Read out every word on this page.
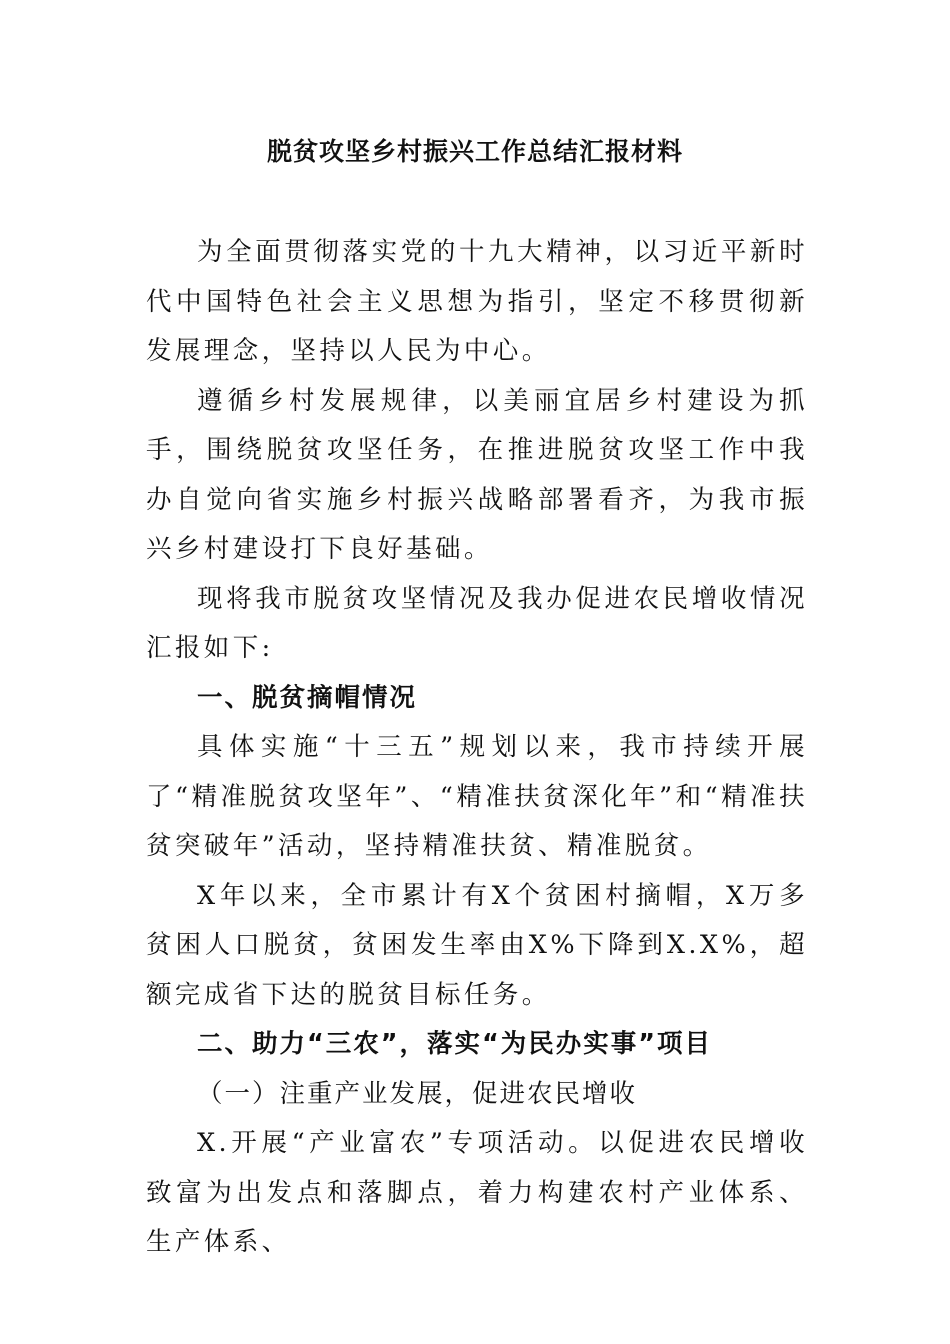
脱贫攻坚乡村振兴工作总结汇报材料

为全面贯彻落实党的十九大精神，以习近平新时代中国特色社会主义思想为指引，坚定不移贯彻新发展理念，坚持以人民为中心。

遵循乡村发展规律，以美丽宜居乡村建设为抓手，围绕脱贫攻坚任务，在推进脱贫攻坚工作中我办自觉向省实施乡村振兴战略部署看齐，为我市振兴乡村建设打下良好基础。

现将我市脱贫攻坚情况及我办促进农民增收情况汇报如下:

一、脱贫摘帽情况

具体实施“十三五”规划以来，我市持续开展了“精准脱贫攻坚年”、“精准扶贫深化年”和“精准扶贫突破年”活动，坚持精准扶贫、精准脱贫。

X年以来，全市累计有X个贫困村摘帽，X万多贫困人口脱贫，贫困发生率由X%下降到X.X%，超额完成省下达的脱贫目标任务。

二、助力“三农”，落实“为民办实事”项目

（一）注重产业发展，促进农民增收

X.开展“产业富农”专项活动。以促进农民增收致富为出发点和落脚点，着力构建农村产业体系、生产体系、
